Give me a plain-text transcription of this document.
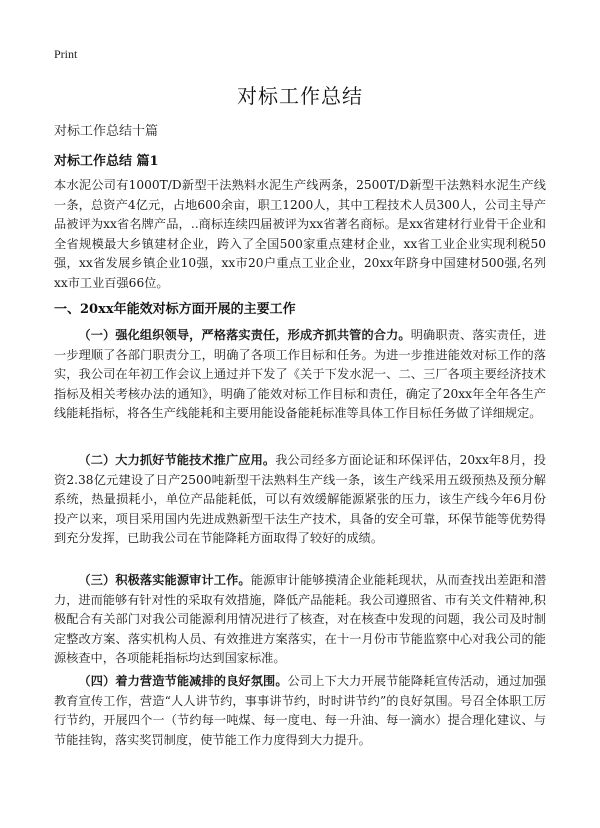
Print
对标工作总结
对标工作总结十篇
对标工作总结 篇1

本水泥公司有1000T/D新型干法熟料水泥生产线两条，2500T/D新型干法熟料水泥生产线一条，总资产4亿元，占地600余亩，职工1200人，其中工程技术人员300人，公司主导产品被评为xx省名牌产品，..商标连续四届被评为xx省著名商标。是xx省建材行业骨干企业和全省规模最大乡镇建材企业，跨入了全国500家重点建材企业，xx省工业企业实现利税50强，xx省发展乡镇企业10强，xx市20户重点工业企业，20xx年跻身中国建材500强,名列xx市工业百强66位。

一、20xx年能效对标方面开展的主要工作

（一）强化组织领导，严格落实责任，形成齐抓共管的合力。明确职责、落实责任，进一步理顺了各部门职责分工，明确了各项工作目标和任务。为进一步推进能效对标工作的落实，我公司在年初工作会议上通过并下发了《关于下发水泥一、二、三厂各项主要经济技术指标及相关考核办法的通知》，明确了能效对标工作目标和责任，确定了20xx年全年各生产线能耗指标，将各生产线能耗和主要用能设备能耗标准等具体工作目标任务做了详细规定。

（二）大力抓好节能技术推广应用。我公司经多方面论证和环保评估，20xx年8月，投资2.38亿元建设了日产2500吨新型干法熟料生产线一条，该生产线采用五级预热及预分解系统，热量损耗小，单位产品能耗低，可以有效缓解能源紧张的压力，该生产线今年6月份投产以来，项目采用国内先进成熟新型干法生产技术，具备的安全可靠，环保节能等优势得到充分发挥，已助我公司在节能降耗方面取得了较好的成绩。

（三）积极落实能源审计工作。能源审计能够摸清企业能耗现状，从而查找出差距和潜力，进而能够有针对性的采取有效措施，降低产品能耗。我公司遵照省、市有关文件精神,积极配合有关部门对我公司能源利用情况进行了核查，对在核查中发现的问题，我公司及时制定整改方案、落实机构人员、有效推进方案落实，在十一月份市节能监察中心对我公司的能源核查中，各项能耗指标均达到国家标准。

（四）着力营造节能减排的良好氛围。公司上下大力开展节能降耗宣传活动，通过加强教育宣传工作，营造“人人讲节约，事事讲节约，时时讲节约”的良好氛围。号召全体职工厉行节约，开展四个一（节约每一吨煤、每一度电、每一升油、每一滴水）提合理化建议、与节能挂钩，落实奖罚制度，使节能工作力度得到大力提升。
